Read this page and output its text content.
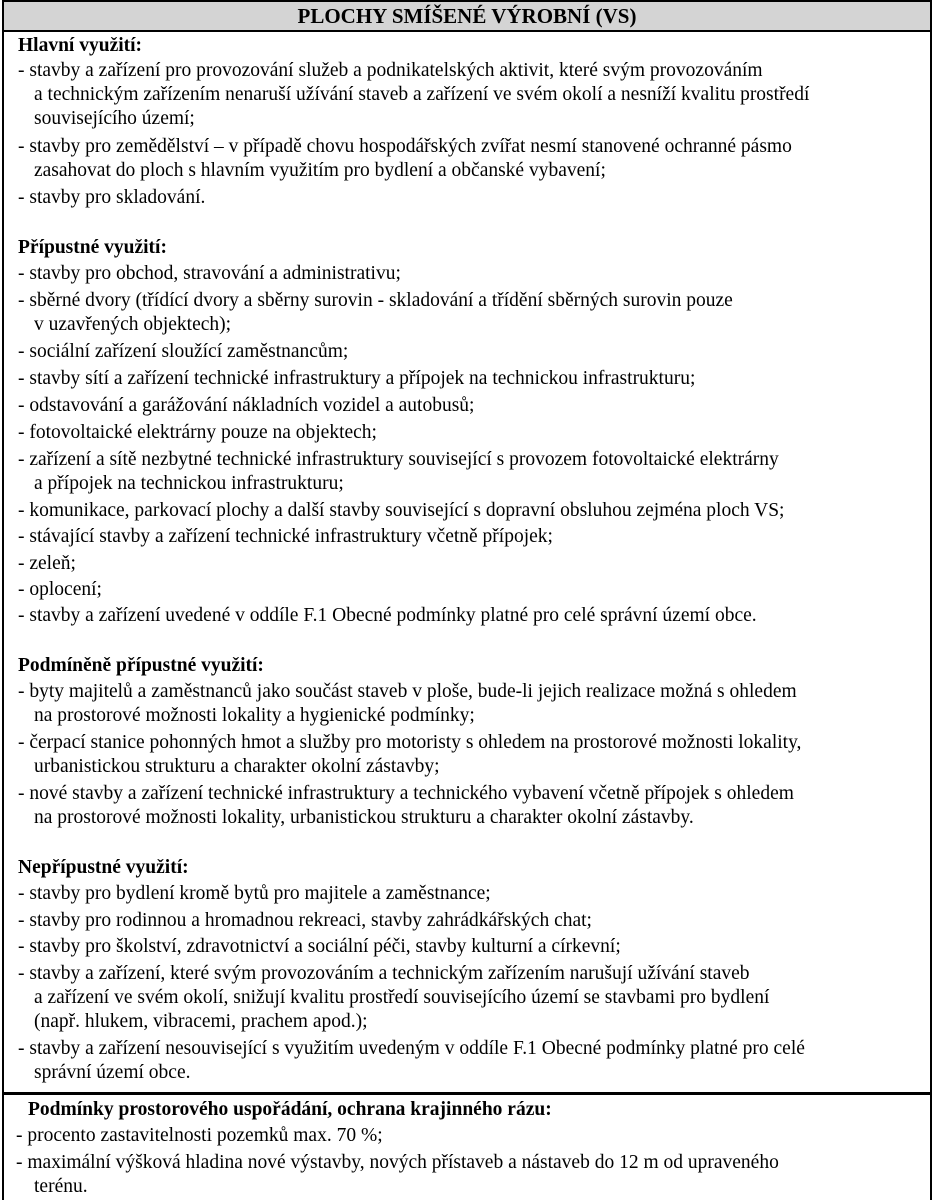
PLOCHY SMÍŠENÉ VÝROBNÍ (VS)
Hlavní využití:
- stavby a zařízení pro provozování služeb a podnikatelských aktivit, které svým provozováním
a technickým zařízením nenaruší užívání staveb a zařízení ve svém okolí a nesníží kvalitu prostředí
souvisejícího území;
- stavby pro zemědělství – v případě chovu hospodářských zvířat nesmí stanovené ochranné pásmo
zasahovat do ploch s hlavním využitím pro bydlení a občanské vybavení;
- stavby pro skladování.
Přípustné využití:
- stavby pro obchod, stravování a administrativu;
- sběrné dvory (třídící dvory a sběrny surovin - skladování a třídění sběrných surovin pouze
v uzavřených objektech);
- sociální zařízení sloužící zaměstnancům;
- stavby sítí a zařízení technické infrastruktury a přípojek na technickou infrastrukturu;
- odstavování a garážování nákladních vozidel a autobusů;
- fotovoltaické elektrárny pouze na objektech;
- zařízení a sítě nezbytné technické infrastruktury související s provozem fotovoltaické elektrárny
a přípojek na technickou infrastrukturu;
- komunikace, parkovací plochy a další stavby související s dopravní obsluhou zejména ploch VS;
- stávající stavby a zařízení technické infrastruktury včetně přípojek;
- zeleň;
- oplocení;
- stavby a zařízení uvedené v oddíle F.1 Obecné podmínky platné pro celé správní území obce.
Podmíněně přípustné využití:
- byty majitelů a zaměstnanců jako součást staveb v ploše, bude-li jejich realizace možná s ohledem
na prostorové možnosti lokality a hygienické podmínky;
- čerpací stanice pohonných hmot a služby pro motoristy s ohledem na prostorové možnosti lokality,
urbanistickou strukturu a charakter okolní zástavby;
- nové stavby a zařízení technické infrastruktury a technického vybavení včetně přípojek s ohledem
na prostorové možnosti lokality, urbanistickou strukturu a charakter okolní zástavby.
Nepřípustné využití:
- stavby pro bydlení kromě bytů pro majitele a zaměstnance;
- stavby pro rodinnou a hromadnou rekreaci, stavby zahrádkářských chat;
- stavby pro školství, zdravotnictví a sociální péči, stavby kulturní a církevní;
- stavby a zařízení, které svým provozováním a technickým zařízením narušují užívání staveb
a zařízení ve svém okolí, snižují kvalitu prostředí souvisejícího území se stavbami pro bydlení
(např. hlukem, vibracemi, prachem apod.);
- stavby a zařízení nesouvisející s využitím uvedeným v oddíle F.1 Obecné podmínky platné pro celé
správní území obce.
Podmínky prostorového uspořádání, ochrana krajinného rázu:
- procento zastavitelnosti pozemků max. 70 %;
- maximální výšková hladina nové výstavby, nových přístaveb a nástaveb do 12 m od upraveného
terénu.
